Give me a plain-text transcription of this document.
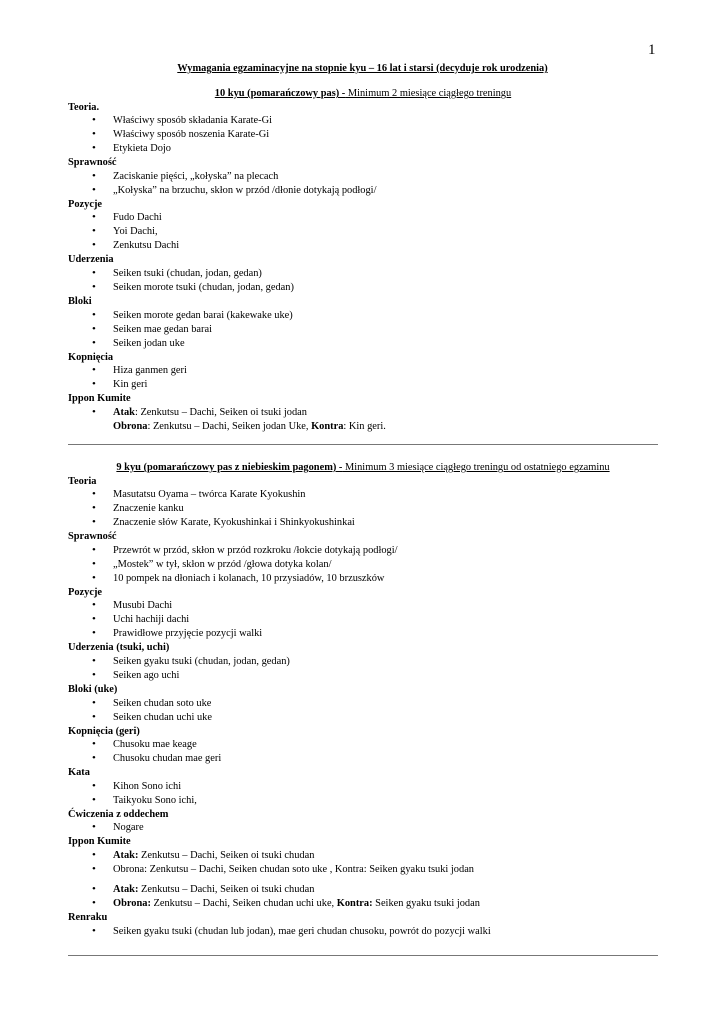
1
Wymagania egzaminacyjne na stopnie kyu – 16 lat i starsi (decyduje rok urodzenia)
10 kyu (pomarańczowy pas) - Minimum 2 miesiące ciągłego treningu
Teoria.
• Właściwy sposób składania Karate-Gi
• Właściwy sposób noszenia Karate-Gi
• Etykieta Dojo
Sprawność
• Zaciskanie pięści, „kołyska” na plecach
• „Kołyska” na brzuchu, skłon w przód /dłonie dotykają podłogi/
Pozycje
• Fudo Dachi
• Yoi Dachi,
• Zenkutsu Dachi
Uderzenia
• Seiken tsuki (chudan, jodan, gedan)
• Seiken morote tsuki (chudan, jodan, gedan)
Bloki
• Seiken morote gedan barai (kakewake uke)
• Seiken mae gedan barai
• Seiken jodan uke
Kopnięcia
• Hiza ganmen geri
• Kin geri
Ippon Kumite
• Atak: Zenkutsu – Dachi, Seiken oi tsuki jodan
Obrona: Zenkutsu – Dachi, Seiken jodan Uke, Kontra: Kin geri.
9 kyu (pomarańczowy pas z niebieskim pagonem) - Minimum 3 miesiące ciągłego treningu od ostatniego egzaminu
Teoria
• Masutatsu Oyama – twórca Karate Kyokushin
• Znaczenie kanku
• Znaczenie słów Karate, Kyokushinkai i Shinkyokushinkai
Sprawność
• Przewrót w przód, skłon w przód rozkroku /łokcie dotykają podłogi/
• „Mostek” w tył, skłon w przód /głowa dotyka kolan/
• 10 pompek na dłoniach i kolanach, 10 przysiadów, 10 brzuszków
Pozycje
• Musubi Dachi
• Uchi hachiji dachi
• Prawidłowe przyjęcie pozycji walki
Uderzenia (tsuki, uchi)
• Seiken gyaku tsuki (chudan, jodan, gedan)
• Seiken ago uchi
Bloki (uke)
• Seiken chudan soto uke
• Seiken chudan uchi uke
Kopnięcia (geri)
• Chusoku mae keage
• Chusoku chudan mae geri
Kata
• Kihon Sono ichi
• Taikyoku Sono ichi,
Ćwiczenia z oddechem
• Nogare
Ippon Kumite
• Atak: Zenkutsu – Dachi, Seiken oi tsuki chudan
• Obrona: Zenkutsu – Dachi, Seiken chudan soto uke , Kontra: Seiken gyaku tsuki jodan
• Atak: Zenkutsu – Dachi, Seiken oi tsuki chudan
• Obrona: Zenkutsu – Dachi, Seiken chudan uchi uke, Kontra: Seiken gyaku tsuki jodan
Renraku
• Seiken gyaku tsuki (chudan lub jodan), mae geri chudan chusoku, powrót do pozycji walki
